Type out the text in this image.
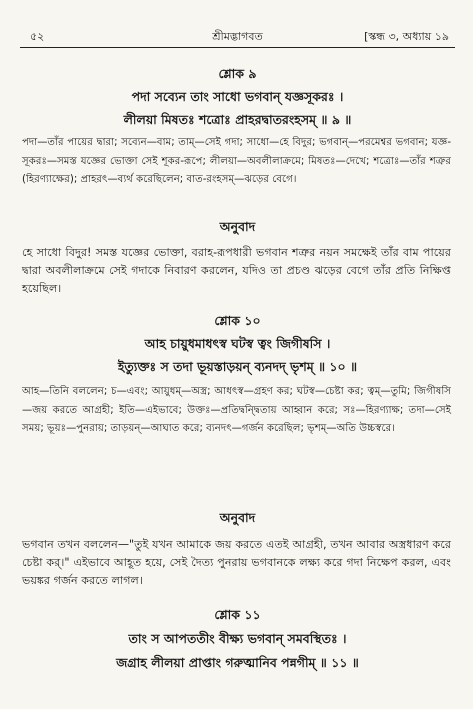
৫২	শ্রীমদ্ভাগবত	[স্কন্ধ ৩, অধ্যায় ১৯
শ্লোক ৯
পদা সব্যেন তাং সাধো ভগবান্ যজ্ঞসূকরঃ ।
লীলয়া মিষতঃ শত্রোঃ প্রাহরদ্বাতরংহসম্ ॥ ৯ ॥

পদা—তাঁর পায়ের দ্বারা; সব্যেন—বাম; তাম্—সেই গদা; সাধো—হে বিদুর; ভগবান্—পরমেশ্বর ভগবান; যজ্ঞ-সূকরঃ—সমস্ত যজ্ঞের ভোক্তা সেই শূকর-রূপে; লীলয়া—অবলীলাক্রমে; মিষতঃ—দেখে; শত্রোঃ—তাঁর শত্রুর (হিরণ্যাক্ষের); প্রাহরৎ—ব্যর্থ করেছিলেন; বাত-রংহসম্—ঝড়ের বেগে।

অনুবাদ

হে সাধো বিদুর! সমস্ত যজ্ঞের ভোক্তা, বরাহ-রূপধারী ভগবান শত্রুর নয়ন সমক্ষেই তাঁর বাম পায়ের দ্বারা অবলীলাক্রমে সেই গদাকে নিবারণ করলেন, যদিও তা প্রচণ্ড ঝড়ের বেগে তাঁর প্রতি নিক্ষিপ্ত হয়েছিল।

শ্লোক ১০
আহ চায়ুধমাধৎস্ব ঘটস্ব ত্বং জিগীষসি ।
ইত্যুক্তঃ স তদা ভূয়স্তাড়য়ন্ ব্যনদদ্ ভৃশম্ ॥ ১০ ॥

আহ—তিনি বললেন; চ—এবং; আয়ুধম্—অস্ত্র; আধৎস্ব—গ্রহণ কর; ঘটস্ব—চেষ্টা কর; ত্বম্—তুমি; জিগীষসি—জয় করতে আগ্রহী; ইতি—এইভাবে; উক্তঃ—প্রতিদ্বন্দ্বিতায় আহ্বান করে; সঃ—হিরণ্যাক্ষ; তদা—সেই সময়; ভূয়ঃ—পুনরায়; তাড়য়ন্—আঘাত করে; ব্যনদৎ—গর্জন করেছিল; ভৃশম্—অতি উচ্চস্বরে।

অনুবাদ

ভগবান তখন বললেন—"তুই যখন আমাকে জয় করতে এতই আগ্রহী, তখন আবার অস্ত্রধারণ করে চেষ্টা কর্।" এইভাবে আহূত হয়ে, সেই দৈত্য পুনরায় ভগবানকে লক্ষ্য করে গদা নিক্ষেপ করল, এবং ভয়ঙ্কর গর্জন করতে লাগল।

শ্লোক ১১
তাং স আপততীং বীক্ষ্য ভগবান্ সমবস্থিতঃ ।
জগ্রাহ লীলয়া প্রাপ্তাং গরুত্মানিব পন্নগীম্ ॥ ১১ ॥
